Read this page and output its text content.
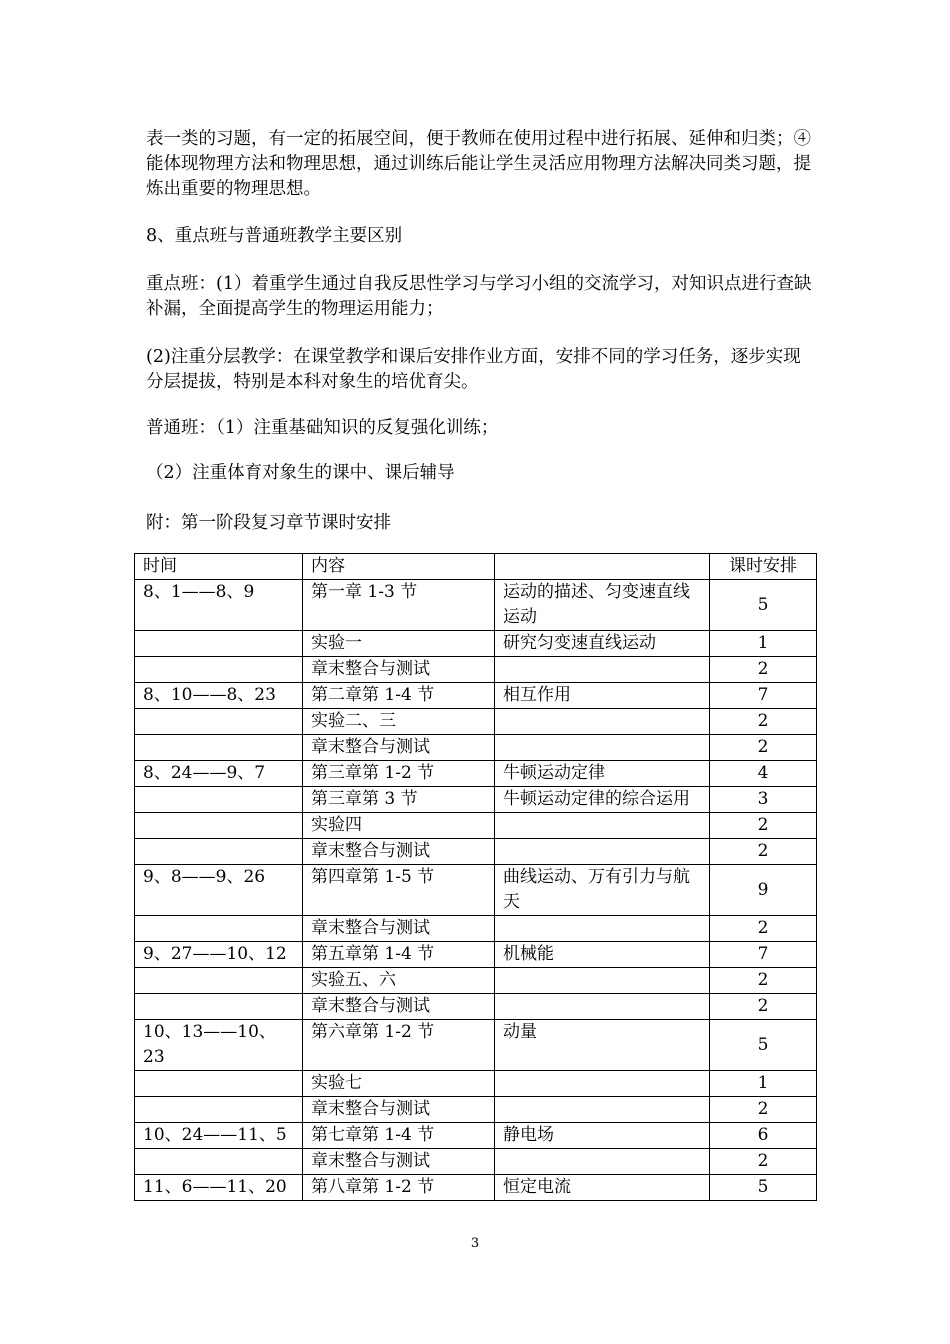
表一类的习题，有一定的拓展空间，便于教师在使用过程中进行拓展、延伸和归类；④能体现物理方法和物理思想，通过训练后能让学生灵活应用物理方法解决同类习题，提炼出重要的物理思想。

8、重点班与普通班教学主要区别

重点班：(1）着重学生通过自我反思性学习与学习小组的交流学习，对知识点进行查缺补漏，全面提高学生的物理运用能力；

(2)注重分层教学：在课堂教学和课后安排作业方面，安排不同的学习任务，逐步实现分层提拔，特别是本科对象生的培优育尖。

普通班：（1）注重基础知识的反复强化训练；

（2）注重体育对象生的课中、课后辅导

附：第一阶段复习章节课时安排

时间	内容		课时安排
8、1——8、9	第一章 1-3 节	运动的描述、匀变速直线运动	5
	实验一	研究匀变速直线运动	1
	章末整合与测试		2
8、10——8、23	第二章第 1-4 节	相互作用	7
	实验二、三		2
	章末整合与测试		2
8、24——9、7	第三章第 1-2 节	牛顿运动定律	4
	第三章第 3 节	牛顿运动定律的综合运用	3
	实验四		2
	章末整合与测试		2
9、8——9、26	第四章第 1-5 节	曲线运动、万有引力与航天	9
	章末整合与测试		2
9、27——10、12	第五章第 1-4 节	机械能	7
	实验五、六		2
	章末整合与测试		2
10、13——10、23	第六章第 1-2 节	动量	5
	实验七		1
	章末整合与测试		2
10、24——11、5	第七章第 1-4 节	静电场	6
	章末整合与测试		2
11、6——11、20	第八章第 1-2 节	恒定电流	5
3
